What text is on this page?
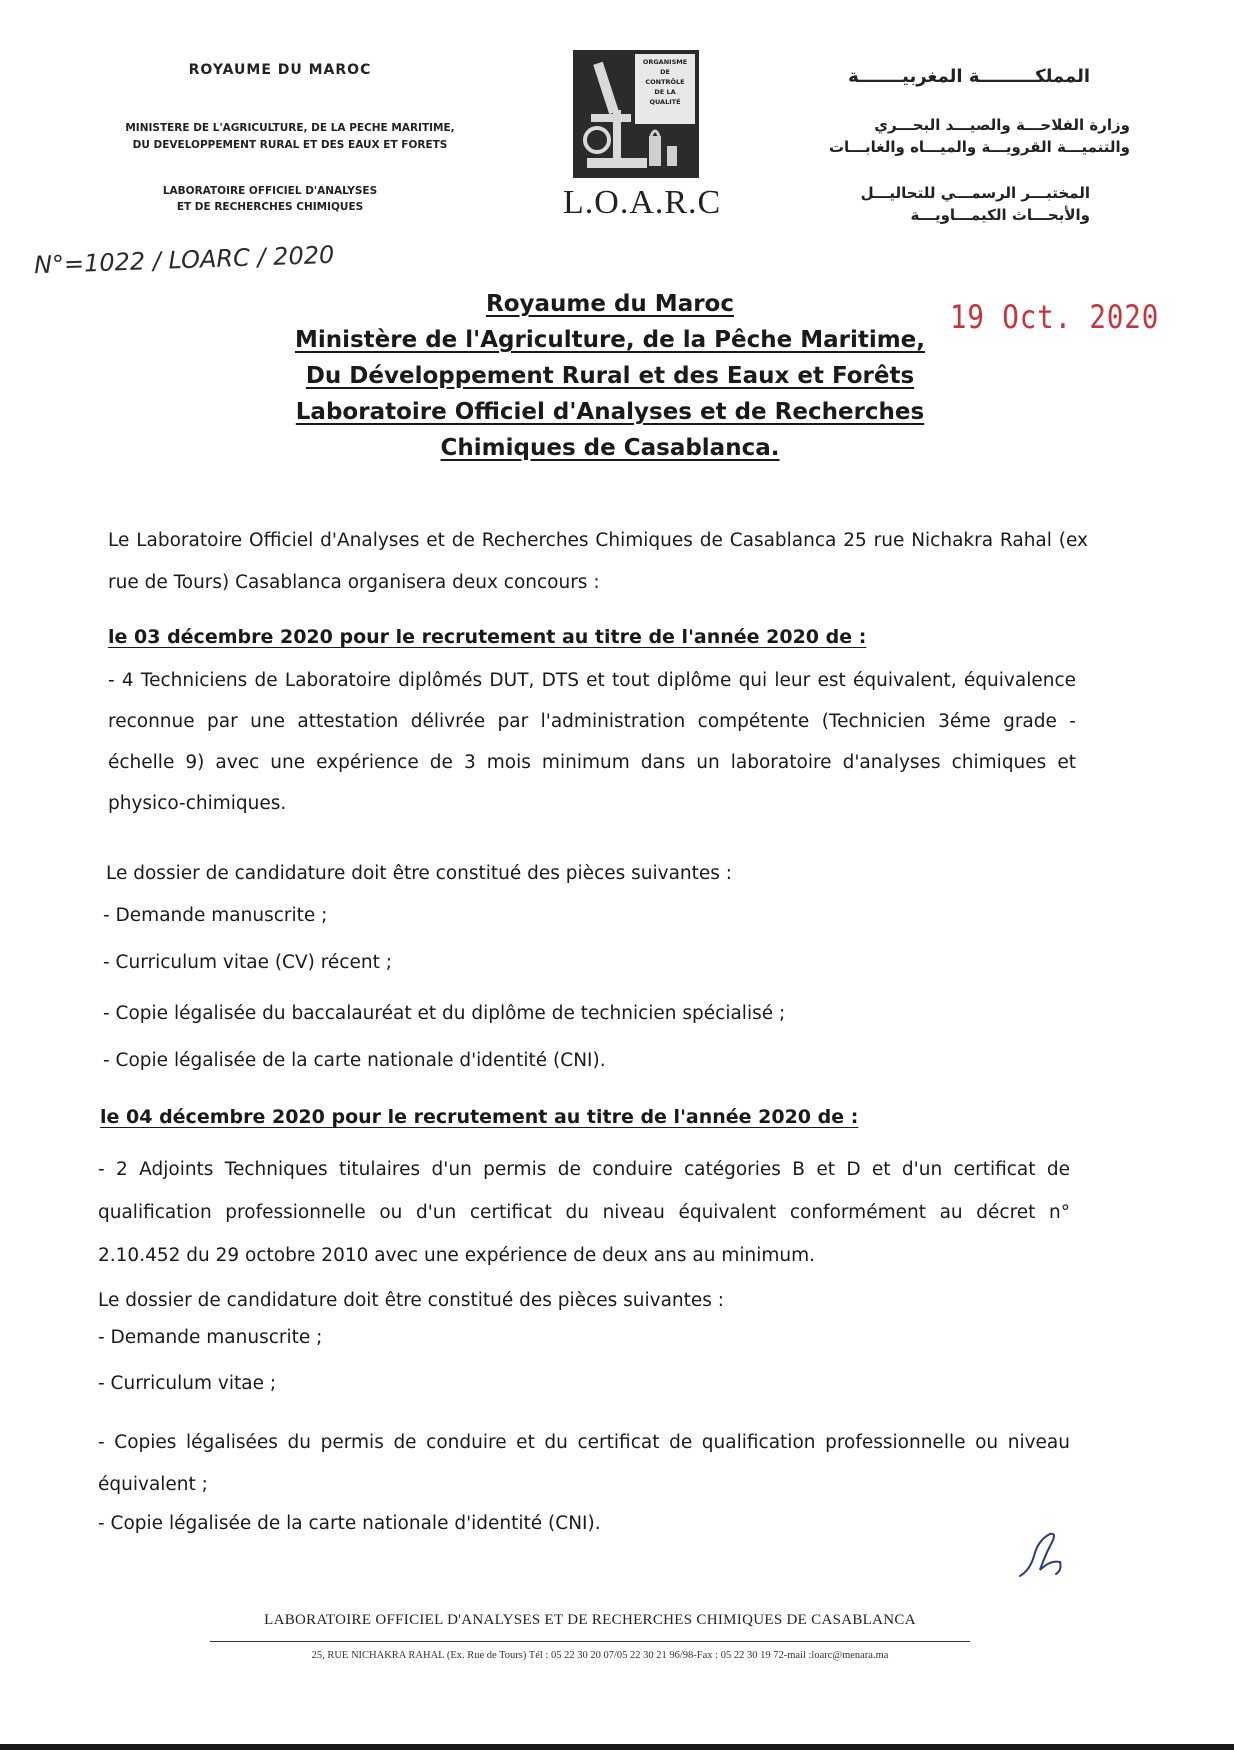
ROYAUME DU MAROC
MINISTERE DE L'AGRICULTURE, DE LA PECHE MARITIME,
DU DEVELOPPEMENT RURAL ET DES EAUX ET FORETS
LABORATOIRE OFFICIEL D'ANALYSES
ET DE RECHERCHES CHIMIQUES
ORGANISME
DE
CONTRÔLE
DE LA
QUALITÉ
L.O.A.R.C
المملكـــــــــة المغربيـــــــة
وزارة الفلاحـــة والصيـــد البحـــري
والتنميـــة القرويـــة والميـــاه والغابـــات
المختبـــر الرسمـــي للتحاليـــل
والأبحـــاث الكيمـــاويـــة
N°=1022 / LOARC / 2020
19 Oct. 2020
Royaume du Maroc
Ministère de l'Agriculture, de la Pêche Maritime,
Du Développement Rural et des Eaux et Forêts
Laboratoire Officiel d'Analyses et de Recherches
Chimiques de Casablanca.
Le Laboratoire Officiel d'Analyses et de Recherches Chimiques de Casablanca 25 rue Nichakra Rahal (ex rue de Tours) Casablanca organisera deux concours :
le 03 décembre 2020 pour le recrutement au titre de l'année 2020 de :
- 4 Techniciens de Laboratoire diplômés DUT, DTS et tout diplôme qui leur est équivalent, équivalence reconnue par une attestation délivrée par l'administration compétente (Technicien 3éme grade - échelle 9) avec une expérience de 3 mois minimum dans un laboratoire d'analyses chimiques et physico-chimiques.
Le dossier de candidature doit être constitué des pièces suivantes :
- Demande manuscrite ;
- Curriculum vitae (CV) récent ;
- Copie légalisée du baccalauréat et du diplôme de technicien spécialisé ;
- Copie légalisée de la carte nationale d'identité (CNI).
le 04 décembre 2020 pour le recrutement au titre de l'année 2020 de :
- 2 Adjoints Techniques titulaires d'un permis de conduire catégories B et D et d'un certificat de qualification professionnelle ou d'un certificat du niveau équivalent conformément au décret n° 2.10.452 du 29 octobre 2010 avec une expérience de deux ans au minimum.
Le dossier de candidature doit être constitué des pièces suivantes :
- Demande manuscrite ;
- Curriculum vitae ;
- Copies légalisées du permis de conduire et du certificat de qualification professionnelle ou niveau équivalent ;
- Copie légalisée de la carte nationale d'identité (CNI).
LABORATOIRE OFFICIEL D'ANALYSES ET DE RECHERCHES CHIMIQUES DE CASABLANCA
25, RUE NICHAKRA RAHAL (Ex. Rue de Tours) Tél : 05 22 30 20 07/05 22 30 21 96/98-Fax : 05 22 30 19 72-mail :loarc@menara.ma
